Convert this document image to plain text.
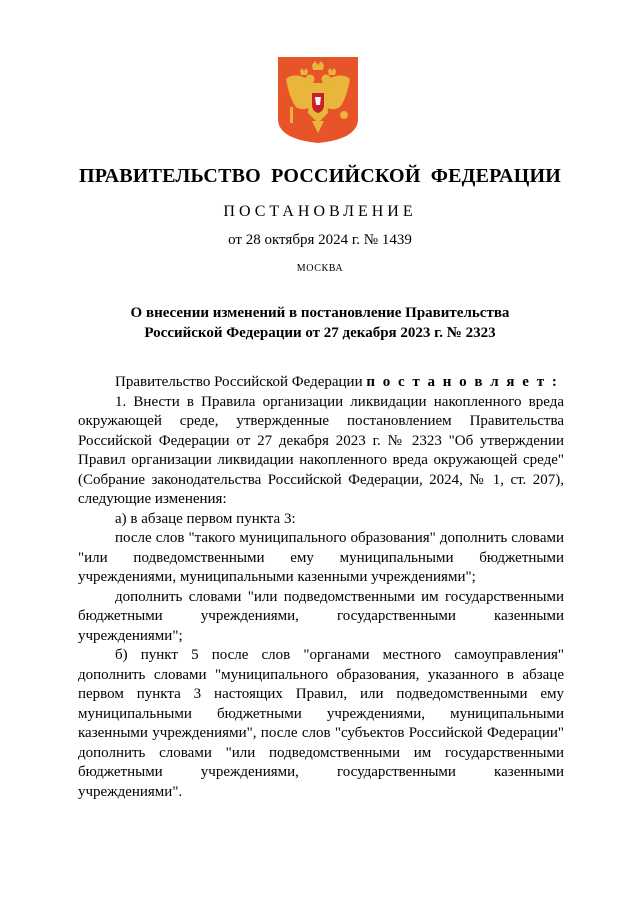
ПРАВИТЕЛЬСТВО РОССИЙСКОЙ ФЕДЕРАЦИИ
ПОСТАНОВЛЕНИЕ
от 28 октября 2024 г. № 1439
МОСКВА
О внесении изменений в постановление Правительства
Российской Федерации от 27 декабря 2023 г. № 2323

Правительство Российской Федерации п о с т а н о в л я е т :

1. Внести в Правила организации ликвидации накопленного вреда окружающей среде, утвержденные постановлением Правительства Российской Федерации от 27 декабря 2023 г. № 2323 "Об утверждении Правил организации ликвидации накопленного вреда окружающей среде" (Собрание законодательства Российской Федерации, 2024, № 1, ст. 207), следующие изменения:

а) в абзаце первом пункта 3:

после слов "такого муниципального образования" дополнить словами "или подведомственными ему муниципальными бюджетными учреждениями, муниципальными казенными учреждениями";

дополнить словами "или подведомственными им государственными бюджетными учреждениями, государственными казенными учреждениями";

б) пункт 5 после слов "органами местного самоуправления" дополнить словами "муниципального образования, указанного в абзаце первом пункта 3 настоящих Правил, или подведомственными ему муниципальными бюджетными учреждениями, муниципальными казенными учреждениями", после слов "субъектов Российской Федерации" дополнить словами "или подведомственными им государственными бюджетными учреждениями, государственными казенными учреждениями".
